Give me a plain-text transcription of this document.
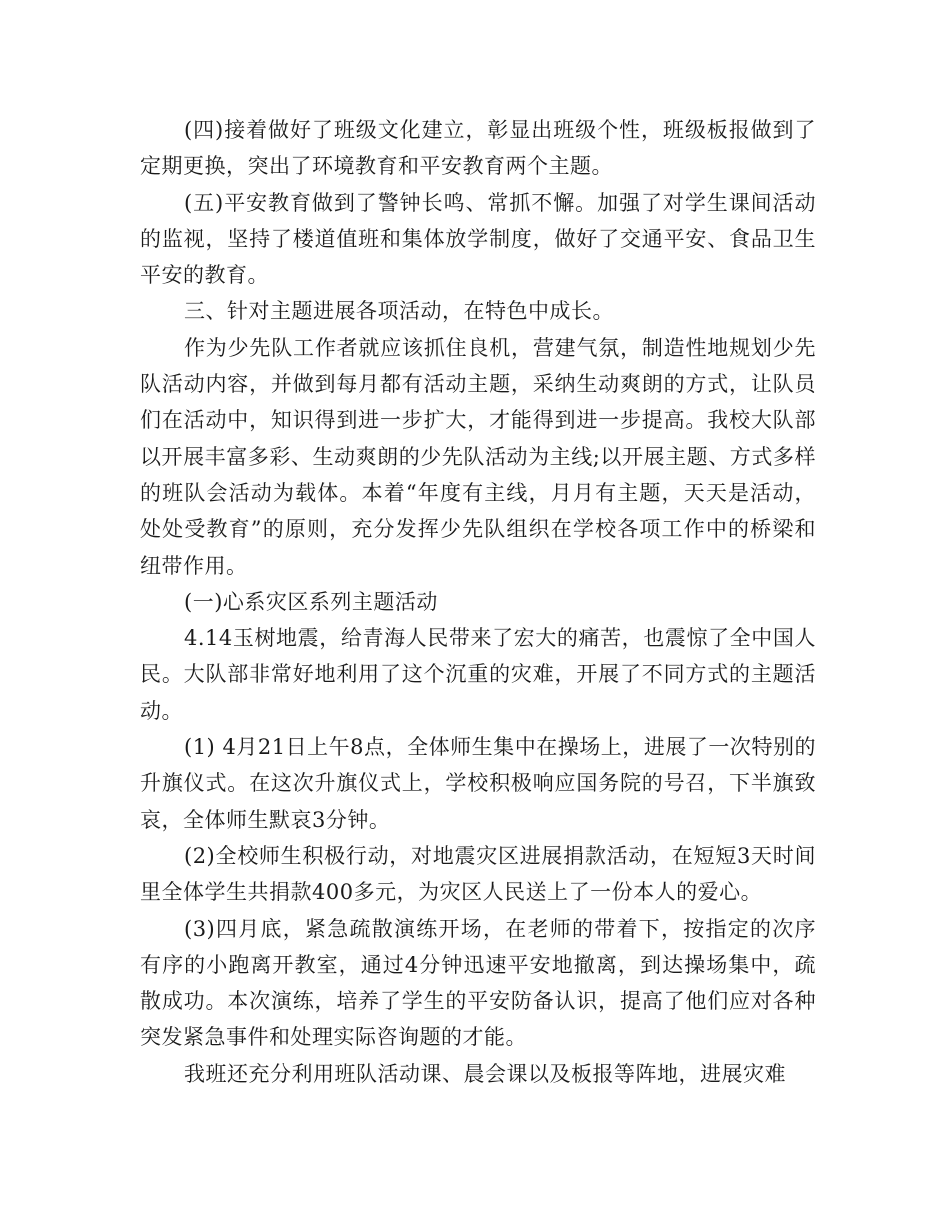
(四)接着做好了班级文化建立，彰显出班级个性，班级板报做到了定期更换，突出了环境教育和平安教育两个主题。

(五)平安教育做到了警钟长鸣、常抓不懈。加强了对学生课间活动的监视，坚持了楼道值班和集体放学制度，做好了交通平安、食品卫生平安的教育。

三、针对主题进展各项活动，在特色中成长。

作为少先队工作者就应该抓住良机，营建气氛，制造性地规划少先队活动内容，并做到每月都有活动主题，采纳生动爽朗的方式，让队员们在活动中，知识得到进一步扩大，才能得到进一步提高。我校大队部以开展丰富多彩、生动爽朗的少先队活动为主线;以开展主题、方式多样的班队会活动为载体。本着“年度有主线，月月有主题，天天是活动，处处受教育”的原则，充分发挥少先队组织在学校各项工作中的桥梁和纽带作用。

(一)心系灾区系列主题活动

4.14玉树地震，给青海人民带来了宏大的痛苦，也震惊了全中国人民。大队部非常好地利用了这个沉重的灾难，开展了不同方式的主题活动。

(1) 4月21日上午8点，全体师生集中在操场上，进展了一次特别的升旗仪式。在这次升旗仪式上，学校积极响应国务院的号召，下半旗致哀，全体师生默哀3分钟。

(2)全校师生积极行动，对地震灾区进展捐款活动，在短短3天时间里全体学生共捐款400多元，为灾区人民送上了一份本人的爱心。

(3)四月底，紧急疏散演练开场，在老师的带着下，按指定的次序有序的小跑离开教室，通过4分钟迅速平安地撤离，到达操场集中，疏散成功。本次演练，培养了学生的平安防备认识，提高了他们应对各种突发紧急事件和处理实际咨询题的才能。

我班还充分利用班队活动课、晨会课以及板报等阵地，进展灾难
